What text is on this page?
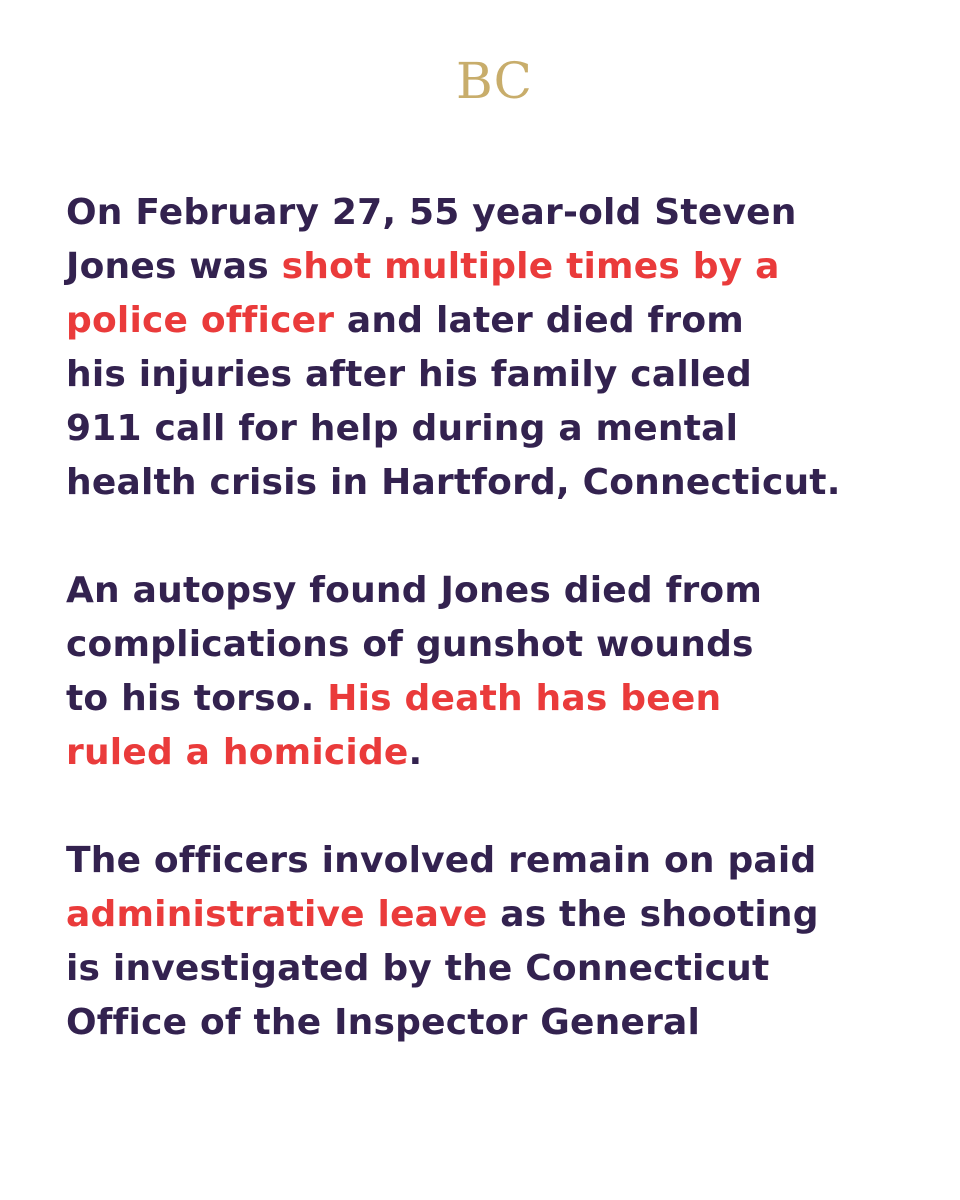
BC
On February 27, 55 year-old Steven
Jones was shot multiple times by a
police officer and later died from
his injuries after his family called
911 call for help during a mental
health crisis in Hartford, Connecticut.
An autopsy found Jones died from
complications of gunshot wounds
to his torso. His death has been
ruled a homicide.
The officers involved remain on paid
administrative leave as the shooting
is investigated by the Connecticut
Office of the Inspector General
